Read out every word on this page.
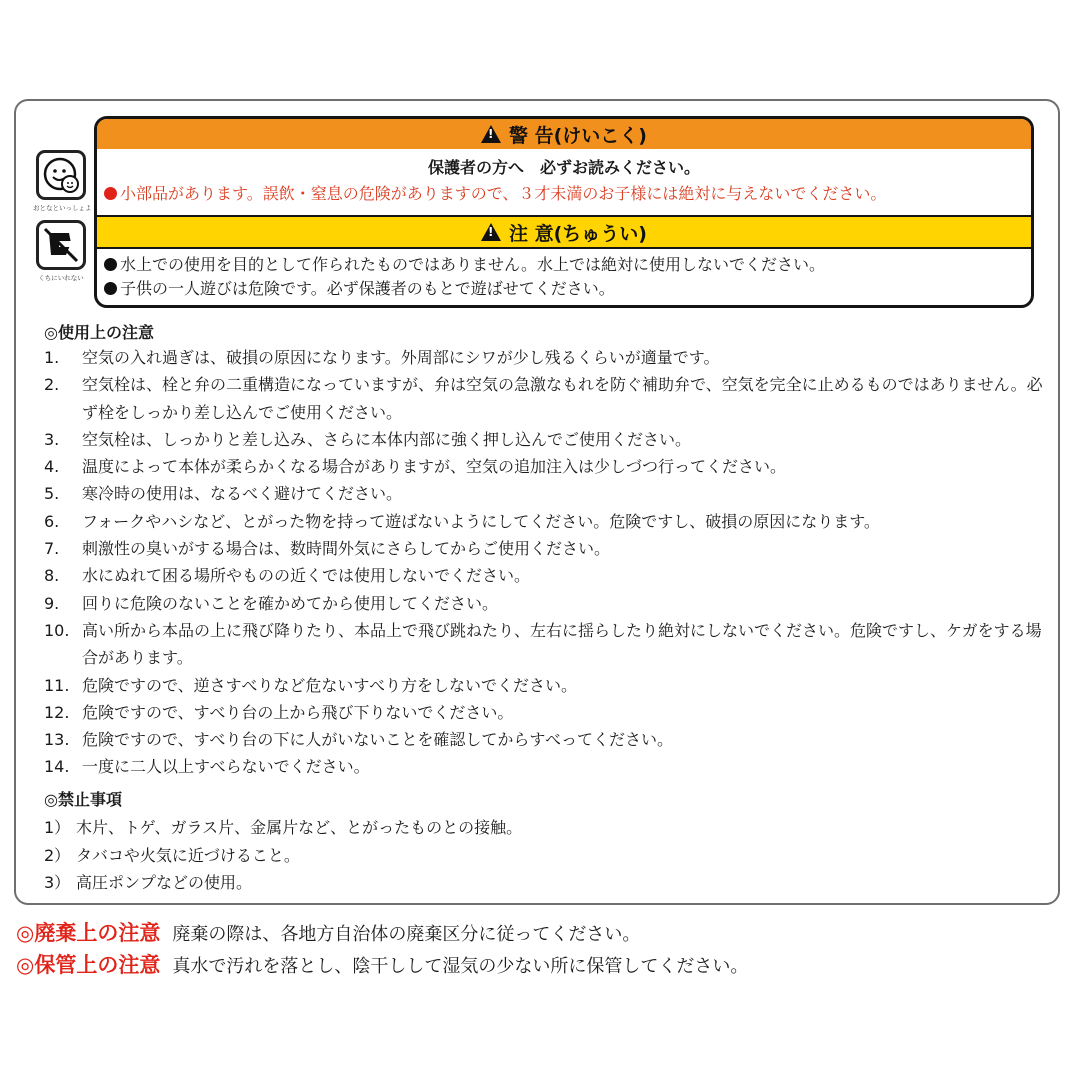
おとなといっしょよ
くちにいれない
!
警 告(けいこく)
保護者の方へ　必ずお読みください。
小部品があります。誤飲・窒息の危険がありますので、３才未満のお子様には絶対に与えないでください。
!
注 意(ちゅうい)
水上での使用を目的として作られたものではありません。水上では絶対に使用しないでください。
子供の一人遊びは危険です。必ず保護者のもとで遊ばせてください。
◎使用上の注意
1.	空気の入れ過ぎは、破損の原因になります。外周部にシワが少し残るくらいが適量です。
2.	空気栓は、栓と弁の二重構造になっていますが、弁は空気の急激なもれを防ぐ補助弁で、空気を完全に止めるものではありません。必ず栓をしっかり差し込んでご使用ください。
3.	空気栓は、しっかりと差し込み、さらに本体内部に強く押し込んでご使用ください。
4.	温度によって本体が柔らかくなる場合がありますが、空気の追加注入は少しづつ行ってください。
5.	寒冷時の使用は、なるべく避けてください。
6.	フォークやハシなど、とがった物を持って遊ばないようにしてください。危険ですし、破損の原因になります。
7.	刺激性の臭いがする場合は、数時間外気にさらしてからご使用ください。
8.	水にぬれて困る場所やものの近くでは使用しないでください。
9.	回りに危険のないことを確かめてから使用してください。
10. 高い所から本品の上に飛び降りたり、本品上で飛び跳ねたり、左右に揺らしたり絶対にしないでください。危険ですし、ケガをする場合があります。
11. 危険ですので、逆さすべりなど危ないすべり方をしないでください。
12. 危険ですので、すべり台の上から飛び下りないでください。
13. 危険ですので、すべり台の下に人がいないことを確認してからすべってください。
14. 一度に二人以上すべらないでください。
◎禁止事項
1） 木片、トゲ、ガラス片、金属片など、とがったものとの接触。
2） タバコや火気に近づけること。
3） 高圧ポンプなどの使用。
◎廃棄上の注意 廃棄の際は、各地方自治体の廃棄区分に従ってください。
◎保管上の注意 真水で汚れを落とし、陰干しして湿気の少ない所に保管してください。
